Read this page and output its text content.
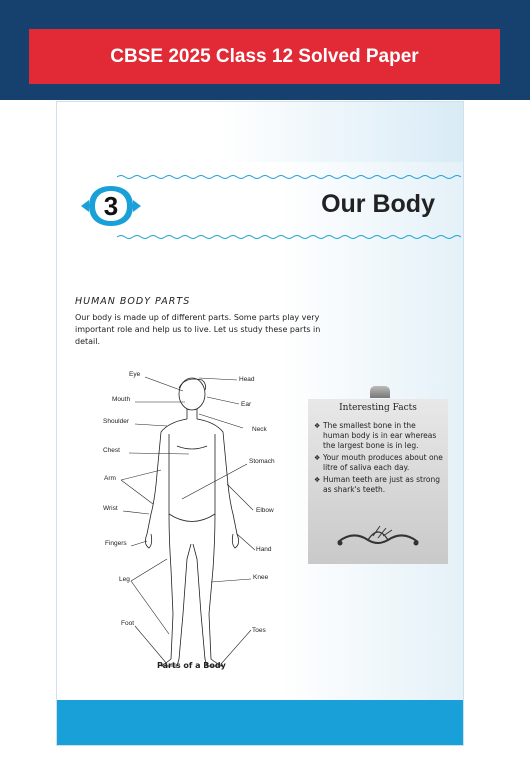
CBSE 2025 Class 12 Solved Paper
3	Our Body
HUMAN BODY PARTS
Our body is made up of different parts. Some parts play very important role and help us to live. Let us study these parts in detail.
Eye
Mouth
Shoulder
Chest
Arm
Wrist
Fingers
Leg
Foot
Head
Ear
Neck
Stomach
Elbow
Hand
Knee
Toes
Parts of a Body
Interesting Facts
❖ The smallest bone in the human body is in ear whereas the largest bone is in leg.
❖ Your mouth produces about one litre of saliva each day.
❖ Human teeth are just as strong as shark's teeth.
